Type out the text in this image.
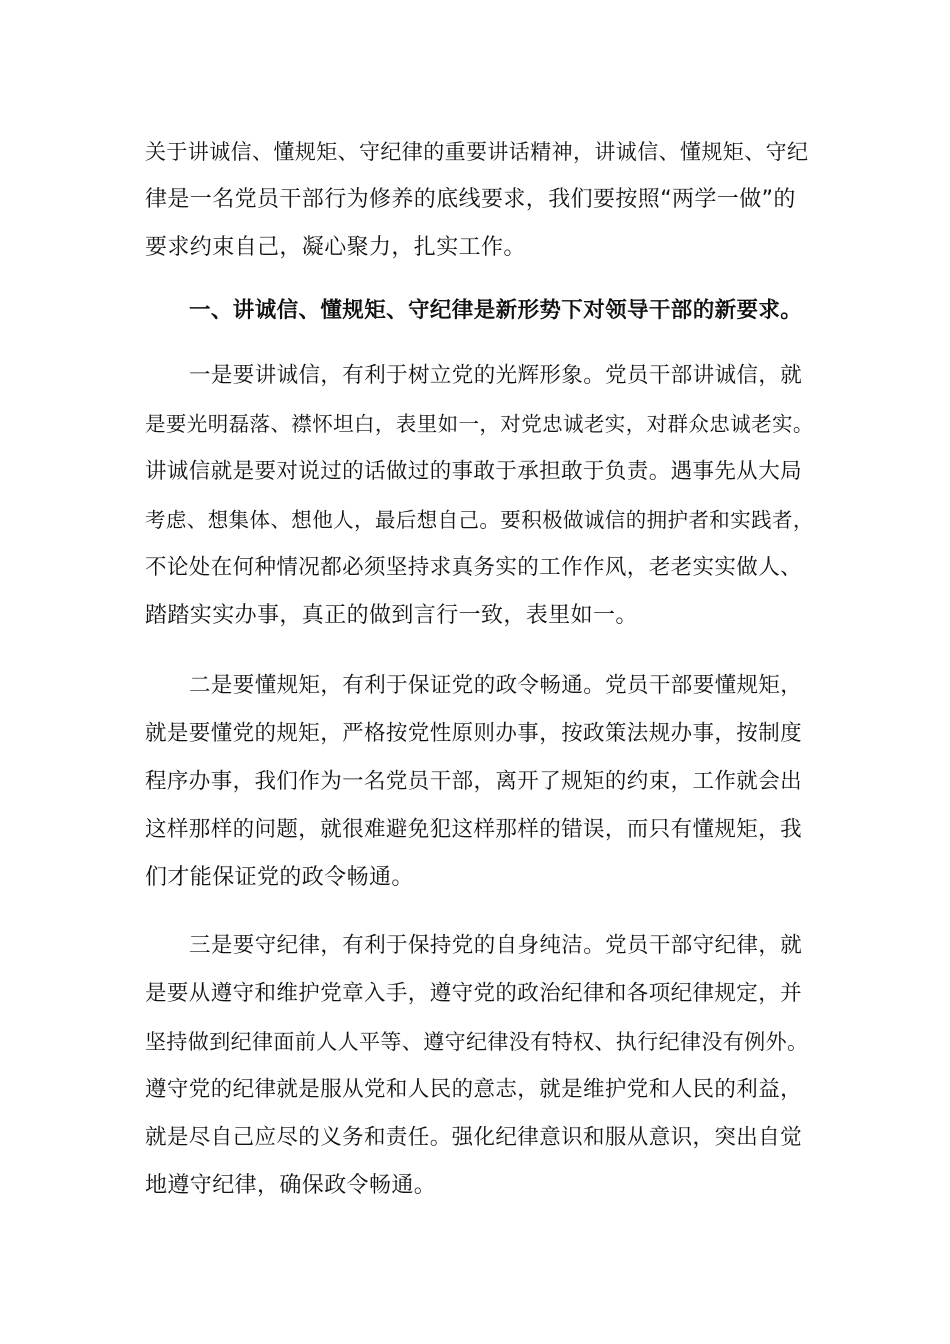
关于讲诚信、懂规矩、守纪律的重要讲话精神，讲诚信、懂规矩、守纪
律是一名党员干部行为修养的底线要求，我们要按照“两学一做”的
要求约束自己，凝心聚力，扎实工作。
一、讲诚信、懂规矩、守纪律是新形势下对领导干部的新要求。
一是要讲诚信，有利于树立党的光辉形象。党员干部讲诚信，就
是要光明磊落、襟怀坦白，表里如一，对党忠诚老实，对群众忠诚老实。
讲诚信就是要对说过的话做过的事敢于承担敢于负责。遇事先从大局
考虑、想集体、想他人，最后想自己。要积极做诚信的拥护者和实践者，
不论处在何种情况都必须坚持求真务实的工作作风，老老实实做人、
踏踏实实办事，真正的做到言行一致，表里如一。
二是要懂规矩，有利于保证党的政令畅通。党员干部要懂规矩，
就是要懂党的规矩，严格按党性原则办事，按政策法规办事，按制度
程序办事，我们作为一名党员干部，离开了规矩的约束，工作就会出
这样那样的问题，就很难避免犯这样那样的错误，而只有懂规矩，我
们才能保证党的政令畅通。
三是要守纪律，有利于保持党的自身纯洁。党员干部守纪律，就
是要从遵守和维护党章入手，遵守党的政治纪律和各项纪律规定，并
坚持做到纪律面前人人平等、遵守纪律没有特权、执行纪律没有例外。
遵守党的纪律就是服从党和人民的意志，就是维护党和人民的利益，
就是尽自己应尽的义务和责任。强化纪律意识和服从意识，突出自觉
地遵守纪律，确保政令畅通。
